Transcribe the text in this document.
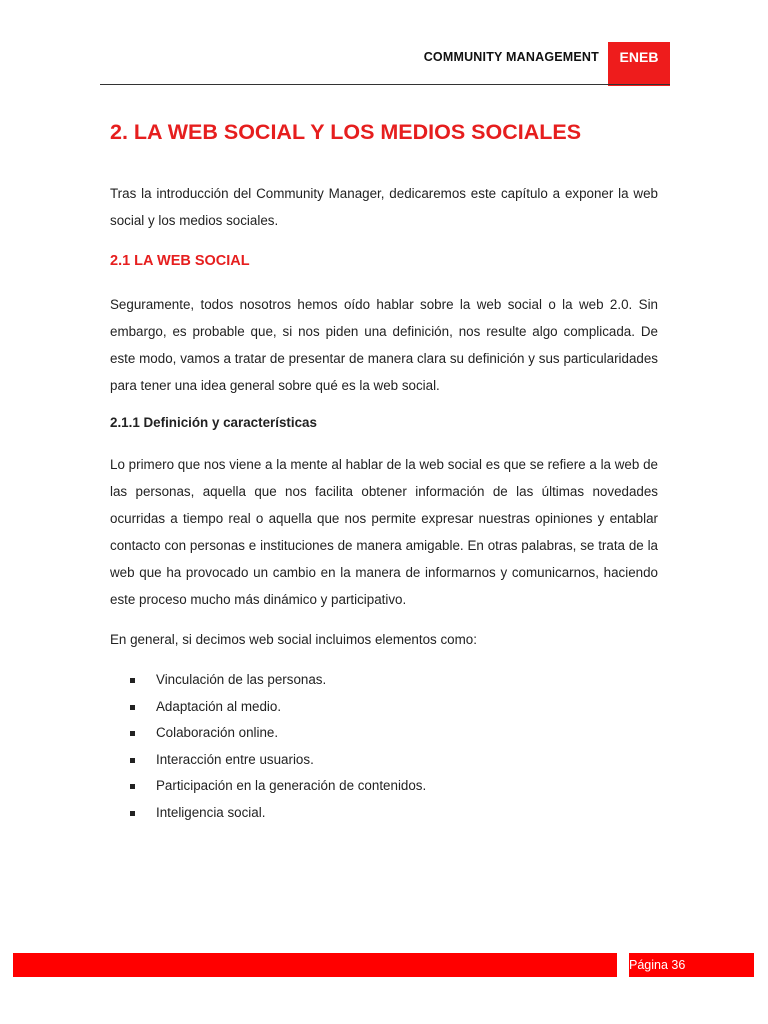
COMMUNITY MANAGEMENT	ENEB
2. LA WEB SOCIAL Y LOS MEDIOS SOCIALES

Tras la introducción del Community Manager, dedicaremos este capítulo a exponer la web social y los medios sociales.

2.1 LA WEB SOCIAL

Seguramente, todos nosotros hemos oído hablar sobre la web social o la web 2.0. Sin embargo, es probable que, si nos piden una definición, nos resulte algo complicada. De este modo, vamos a tratar de presentar de manera clara su definición y sus particularidades para tener una idea general sobre qué es la web social.

2.1.1 Definición y características

Lo primero que nos viene a la mente al hablar de la web social es que se refiere a la web de las personas, aquella que nos facilita obtener información de las últimas novedades ocurridas a tiempo real o aquella que nos permite expresar nuestras opiniones y entablar contacto con personas e instituciones de manera amigable. En otras palabras, se trata de la web que ha provocado un cambio en la manera de informarnos y comunicarnos, haciendo este proceso mucho más dinámico y participativo.

En general, si decimos web social incluimos elementos como:

Vinculación de las personas.
Adaptación al medio.
Colaboración online.
Interacción entre usuarios.
Participación en la generación de contenidos.
Inteligencia social.
Página 36
